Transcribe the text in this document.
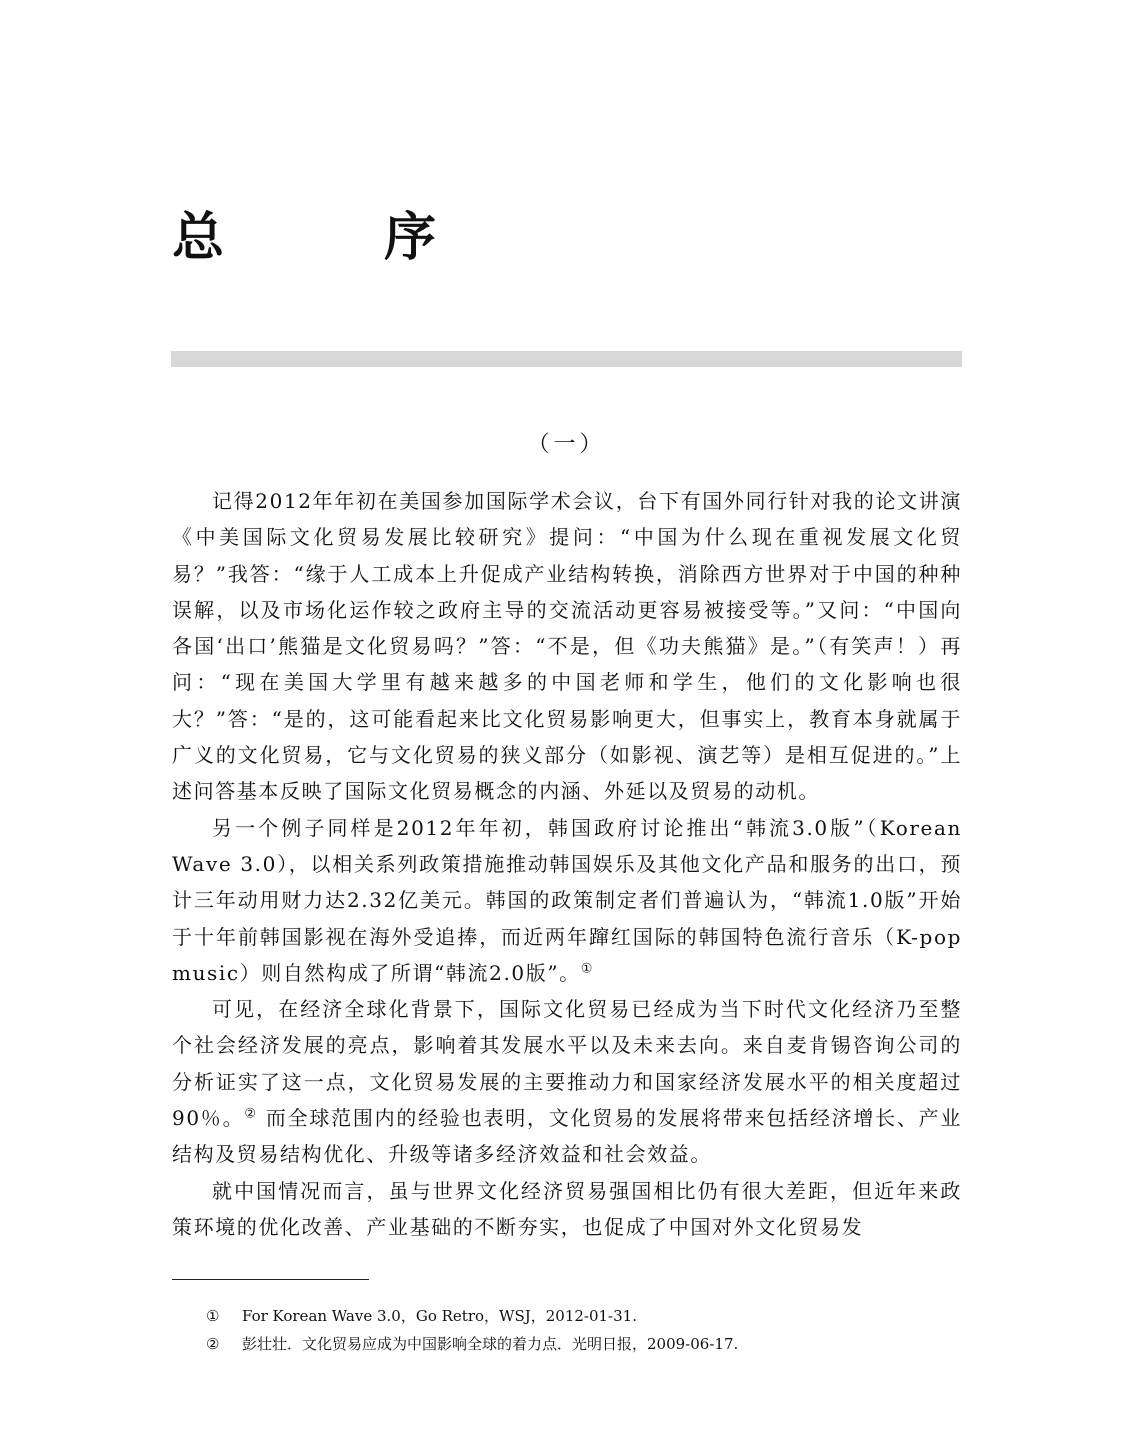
总　序
（一）

记得2012年年初在美国参加国际学术会议，台下有国外同行针对我的论文讲演《中美国际文化贸易发展比较研究》提问：“中国为什么现在重视发展文化贸易？”我答：“缘于人工成本上升促成产业结构转换，消除西方世界对于中国的种种误解，以及市场化运作较之政府主导的交流活动更容易被接受等。”又问：“中国向各国‘出口’熊猫是文化贸易吗？”答：“不是，但《功夫熊猫》是。”（有笑声！）再问：“现在美国大学里有越来越多的中国老师和学生，他们的文化影响也很大？”答：“是的，这可能看起来比文化贸易影响更大，但事实上，教育本身就属于广义的文化贸易，它与文化贸易的狭义部分（如影视、演艺等）是相互促进的。”上述问答基本反映了国际文化贸易概念的内涵、外延以及贸易的动机。

另一个例子同样是2012年年初，韩国政府讨论推出“韩流3.0版”（Korean Wave 3.0），以相关系列政策措施推动韩国娱乐及其他文化产品和服务的出口，预计三年动用财力达2.32亿美元。韩国的政策制定者们普遍认为，“韩流1.0版”开始于十年前韩国影视在海外受追捧，而近两年蹿红国际的韩国特色流行音乐（K-pop music）则自然构成了所谓“韩流2.0版”。①

可见，在经济全球化背景下，国际文化贸易已经成为当下时代文化经济乃至整个社会经济发展的亮点，影响着其发展水平以及未来去向。来自麦肯锡咨询公司的分析证实了这一点，文化贸易发展的主要推动力和国家经济发展水平的相关度超过90％。② 而全球范围内的经验也表明，文化贸易的发展将带来包括经济增长、产业结构及贸易结构优化、升级等诸多经济效益和社会效益。

就中国情况而言，虽与世界文化经济贸易强国相比仍有很大差距，但近年来政策环境的优化改善、产业基础的不断夯实，也促成了中国对外文化贸易发

①	For Korean Wave 3.0，Go Retro，WSJ，2012-01-31.
②	彭壮壮．文化贸易应成为中国影响全球的着力点．光明日报，2009-06-17.
